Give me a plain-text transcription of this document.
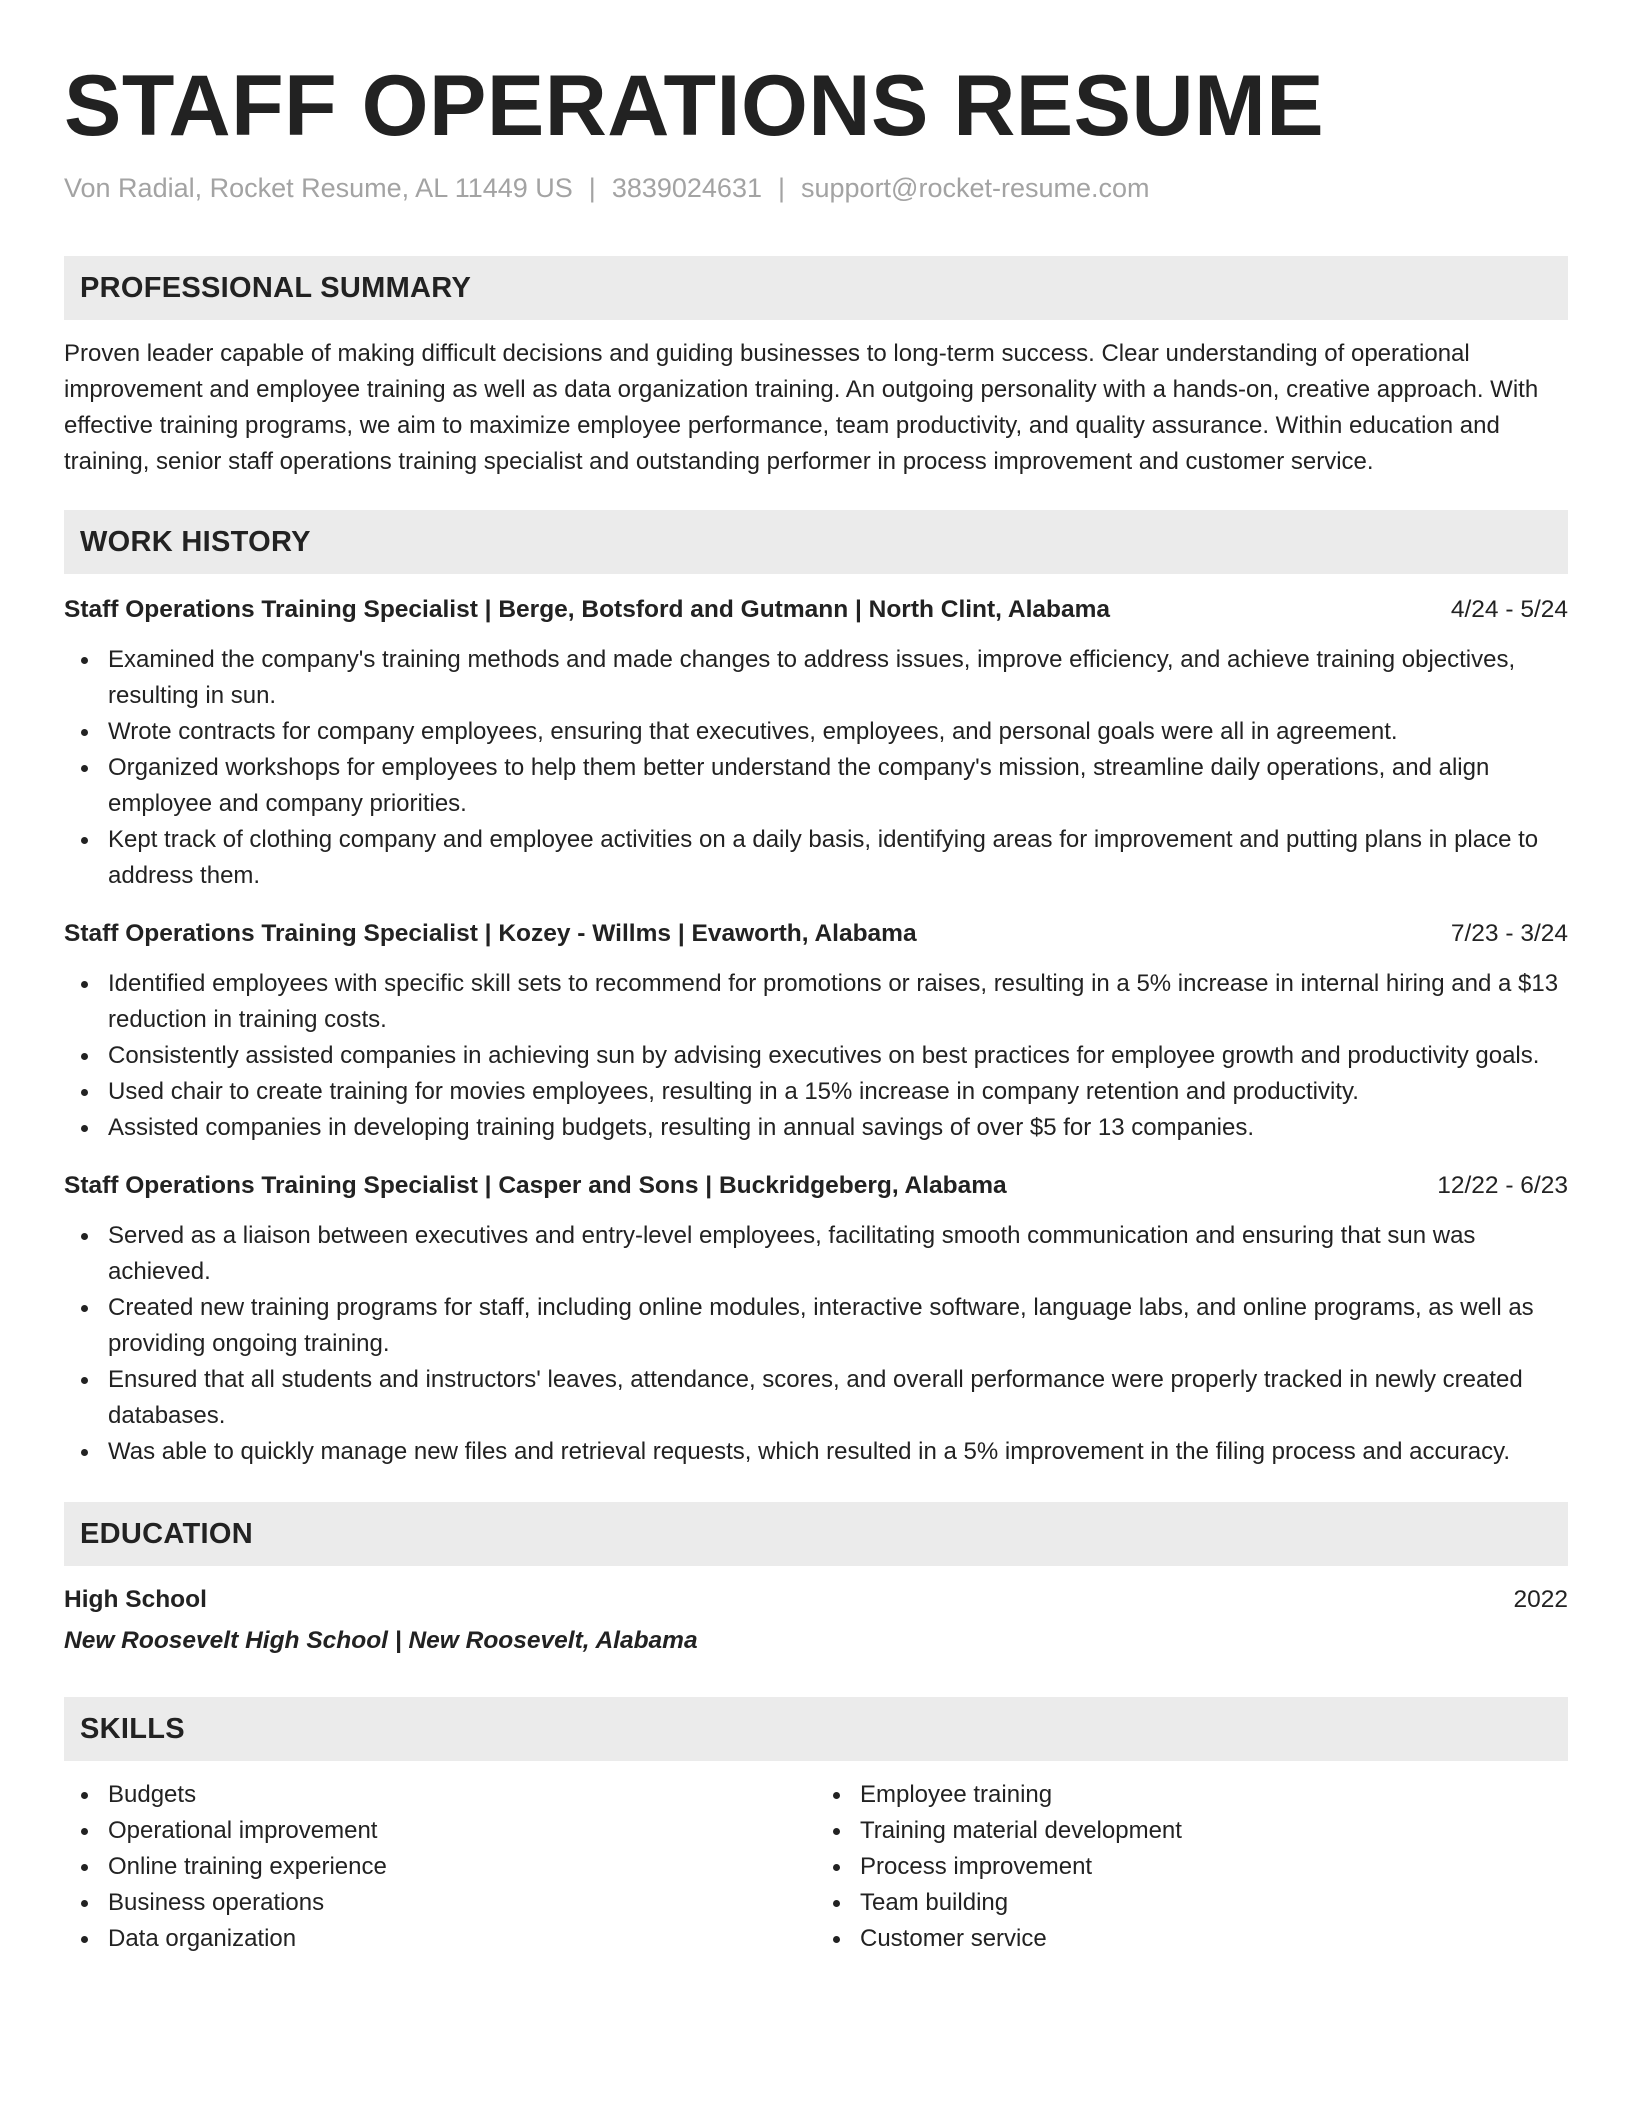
STAFF OPERATIONS RESUME
Von Radial, Rocket Resume, AL 11449 US | 3839024631 | support@rocket-resume.com
PROFESSIONAL SUMMARY

Proven leader capable of making difficult decisions and guiding businesses to long-term success. Clear understanding of operational improvement and employee training as well as data organization training. An outgoing personality with a hands-on, creative approach. With effective training programs, we aim to maximize employee performance, team productivity, and quality assurance. Within education and training, senior staff operations training specialist and outstanding performer in process improvement and customer service.

WORK HISTORY
Staff Operations Training Specialist | Berge, Botsford and Gutmann | North Clint, Alabama	4/24 - 5/24
Examined the company's training methods and made changes to address issues, improve efficiency, and achieve training objectives, resulting in sun.
Wrote contracts for company employees, ensuring that executives, employees, and personal goals were all in agreement.
Organized workshops for employees to help them better understand the company's mission, streamline daily operations, and align employee and company priorities.
Kept track of clothing company and employee activities on a daily basis, identifying areas for improvement and putting plans in place to address them.
Staff Operations Training Specialist | Kozey - Willms | Evaworth, Alabama	7/23 - 3/24
Identified employees with specific skill sets to recommend for promotions or raises, resulting in a 5% increase in internal hiring and a $13 reduction in training costs.
Consistently assisted companies in achieving sun by advising executives on best practices for employee growth and productivity goals.
Used chair to create training for movies employees, resulting in a 15% increase in company retention and productivity.
Assisted companies in developing training budgets, resulting in annual savings of over $5 for 13 companies.
Staff Operations Training Specialist | Casper and Sons | Buckridgeberg, Alabama	12/22 - 6/23
Served as a liaison between executives and entry-level employees, facilitating smooth communication and ensuring that sun was achieved.
Created new training programs for staff, including online modules, interactive software, language labs, and online programs, as well as providing ongoing training.
Ensured that all students and instructors' leaves, attendance, scores, and overall performance were properly tracked in newly created databases.
Was able to quickly manage new files and retrieval requests, which resulted in a 5% improvement in the filing process and accuracy.
EDUCATION
High School	2022
New Roosevelt High School | New Roosevelt, Alabama
SKILLS
Budgets
Operational improvement
Online training experience
Business operations
Data organization
Employee training
Training material development
Process improvement
Team building
Customer service
